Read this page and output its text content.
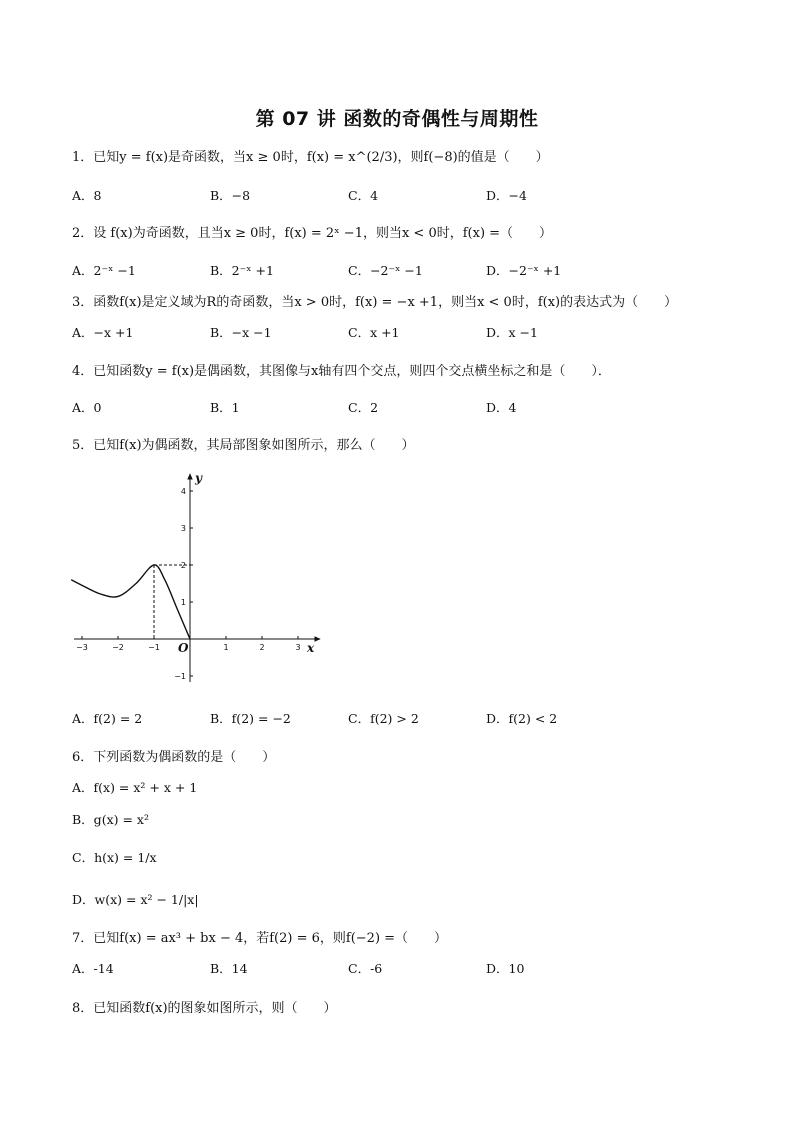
第 07 讲 函数的奇偶性与周期性
1．已知y = f(x)是奇函数，当x ≥ 0时，f(x) = x^(2/3)，则f(−8)的值是（　　）
A．8	B．−8	C．4	D．−4
2．设 f(x)为奇函数，且当x ≥ 0时，f(x) = 2ˣ −1，则当x < 0时，f(x) =（　　）
A．2⁻ˣ −1	B．2⁻ˣ +1	C．−2⁻ˣ −1	D．−2⁻ˣ +1
3．函数f(x)是定义域为R的奇函数，当x > 0时，f(x) = −x +1，则当x < 0时，f(x)的表达式为（　　）
A．−x +1	B．−x −1	C．x +1	D．x −1
4．已知函数y = f(x)是偶函数，其图像与x轴有四个交点，则四个交点横坐标之和是（　　）．
A．0	B．1	C．2	D．4
5．已知f(x)为偶函数，其局部图象如图所示，那么（　　）
−3	−2	−1	1	2	3
4
3
2
1
−1
x
y
O
A．f(2) = 2	B．f(2) = −2	C．f(2) > 2	D．f(2) < 2
6．下列函数为偶函数的是（　　）
A．f(x) = x² + x + 1
B．g(x) = x²
C．h(x) = 1/x
D．w(x) = x² − 1/|x|
7．已知f(x) = ax³ + bx − 4，若f(2) = 6，则f(−2) =（　　）
A．-14	B．14	C．-6	D．10
8．已知函数f(x)的图象如图所示，则（　　）
